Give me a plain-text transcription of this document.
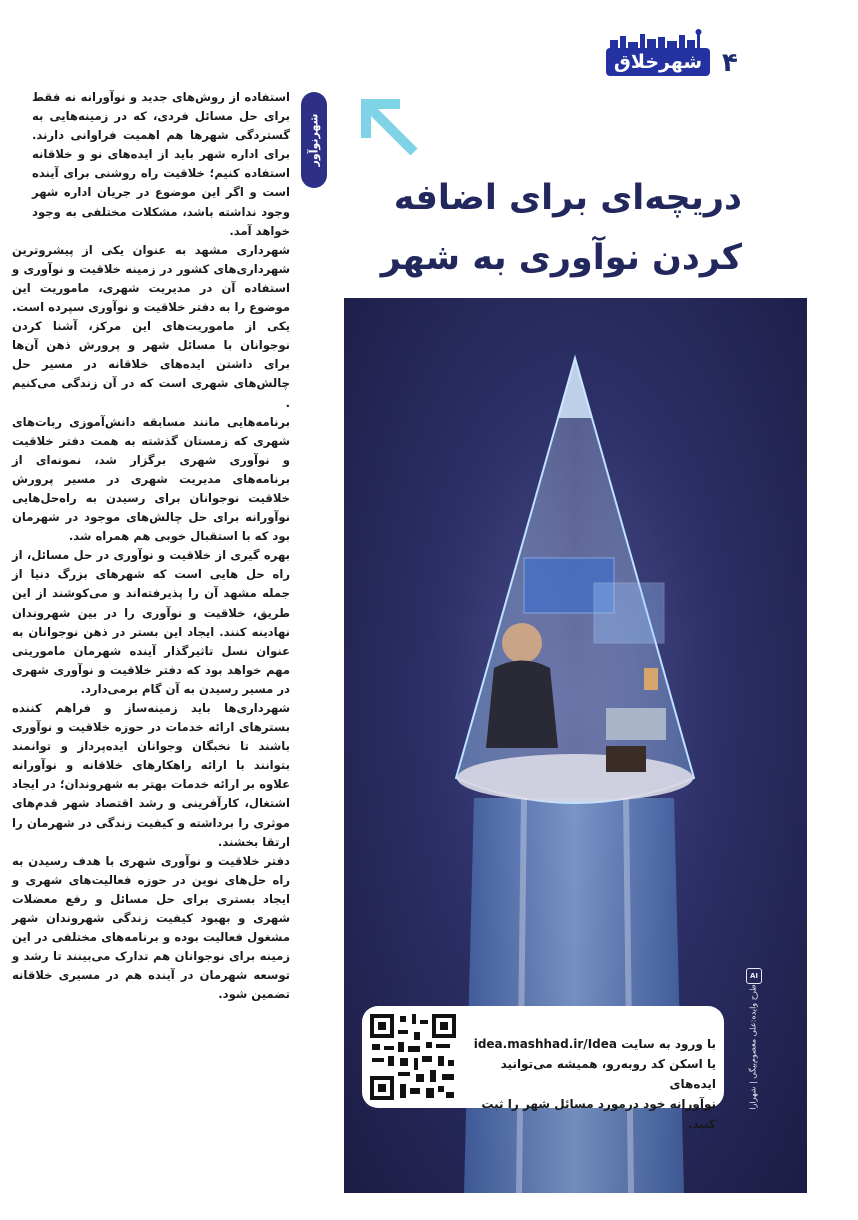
۴
شهرخلاق
دریچه‌ای برای اضافه
کردن نوآوری به شهر
شهرنوآور

استفاده از روش‌های جدید و نوآورانه نه فقط برای حل مسائل فردی، که در زمینه‌هایی به گستردگی شهرها هم اهمیت فراوانی دارند. برای اداره شهر باید از ایده‌های نو و خلاقانه استفاده کنیم؛ خلاقیت راه روشنی برای آینده است و اگر این موضوع در جریان اداره شهر وجود نداشته باشد، مشکلات مختلفی به وجود خواهد آمد.

شهرداری مشهد به عنوان یکی از پیشروترین شهرداری‌های کشور در زمینه خلاقیت و نوآوری و استفاده آن در مدیریت شهری، ماموریت این موضوع را به دفتر خلاقیت و نوآوری سپرده است. یکی از ماموریت‌های این مرکز، آشنا کردن نوجوانان با مسائل شهر و پرورش ذهن آن‌ها برای داشتن ایده‌های خلاقانه در مسیر حل چالش‌های شهری است که در آن زندگی می‌کنیم .

برنامه‌هایی مانند مسابقه دانش‌آموزی ربات‌های شهری که زمستان گذشته به همت دفتر خلاقیت و نوآوری شهری برگزار شد، نمونه‌ای از برنامه‌های مدیریت شهری در مسیر پرورش خلاقیت نوجوانان برای رسیدن به راه‌حل‌هایی نوآورانه برای حل چالش‌های موجود در شهرمان بود که با استقبال خوبی هم همراه شد.

بهره گیری از خلاقیت و نوآوری در حل مسائل، از راه حل هایی است که شهرهای بزرگ دنیا از جمله مشهد آن را پذیرفته‌اند و می‌کوشند از این طریق، خلاقیت و نوآوری را در بین شهروندان نهادینه کنند. ایجاد این بستر در ذهن نوجوانان به عنوان نسل تاثیرگذار آینده شهرمان ماموریتی مهم خواهد بود که دفتر خلاقیت و نوآوری شهری در مسیر رسیدن به آن گام برمی‌دارد.

شهرداری‌ها باید زمینه‌ساز و فراهم کننده بسترهای ارائه خدمات در حوزه خلاقیت و نوآوری باشند تا نخبگان وجوانان ایده‌پرداز و توانمند بتوانند با ارائه راهکارهای خلاقانه و نوآورانه علاوه بر ارائه خدمات بهتر به شهروندان؛ در ایجاد اشتغال، کارآفرینی و رشد اقتصاد شهر قدم‌های موثری را برداشته و کیفیت زندگی در شهرمان را ارتقا بخشند.

دفتر خلاقیت و نوآوری شهری با هدف رسیدن به راه حل‌های نوین در حوزه فعالیت‌های شهری و ایجاد بستری برای حل مسائل و رفع معضلات شهری و بهبود کیفیت زندگی شهروندان شهر مشغول فعالیت بوده و برنامه‌های مختلفی در این زمینه برای نوجوانان هم تدارک می‌بینند تا رشد و توسعه شهرمان در آینده هم در مسیری خلاقانه تضمین شود.

AI
طرح وایده:علی معصوم‌بیگی | شهرارا
با ورود به سایت idea.mashhad.ir/Idea
یا اسکن کد روبه‌رو، همیشه می‌توانید ایده‌های
نوآورانه خود درمورد مسائل شهر را ثبت کنید.
